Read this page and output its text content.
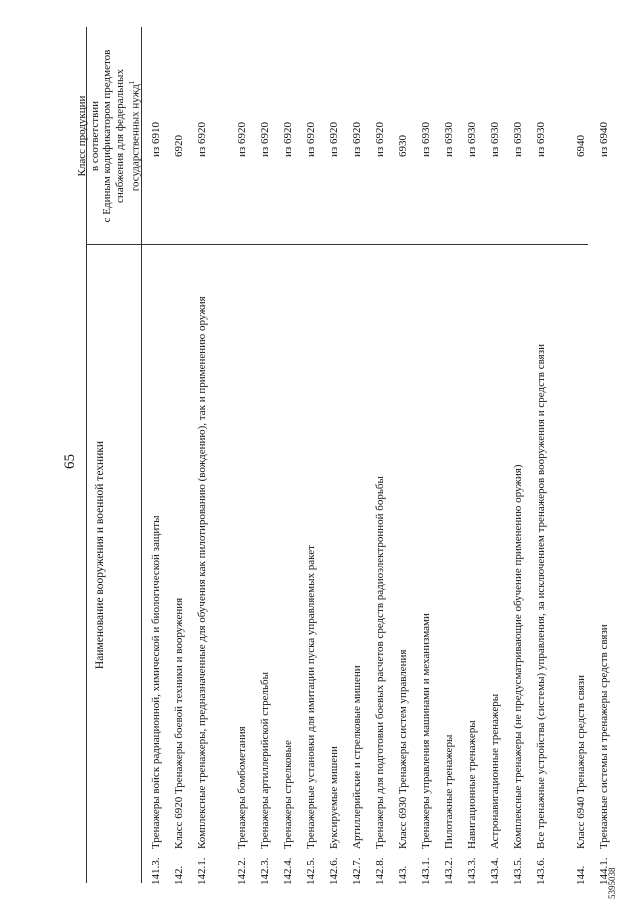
65
5395038
Наименование вооружения и военной техники
Класс продукции в соответствии с Единым кодификатором предметов снабжения для федеральных государственных нужд$^1$
141.3.
Тренажеры войск радиационной, химической и биологической защиты
из 6910
142.
Класс 6920 Тренажеры боевой техники и вооружения
6920
142.1.
Комплексные тренажеры, предназначенные для обучения как пилотированию (вождению), так и применению оружия
из 6920
142.2.
Тренажеры бомбометания
из 6920
142.3.
Тренажеры артиллерийской стрельбы
из 6920
142.4.
Тренажеры стрелковые
из 6920
142.5.
Тренажерные установки для имитации пуска управляемых ракет
из 6920
142.6.
Буксируемые мишени
из 6920
142.7.
Артиллерийские и стрелковые мишени
из 6920
142.8.
Тренажеры для подготовки боевых расчетов средств радиоэлектронной борьбы
из 6920
143.
Класс 6930 Тренажеры систем управления
6930
143.1.
Тренажеры управления машинами и механизмами
из 6930
143.2.
Пилотажные тренажеры
из 6930
143.3.
Навигационные тренажеры
из 6930
143.4.
Астронавигационные тренажеры
из 6930
143.5.
Комплексные тренажеры (не предусматривающие обучение применению оружия)
из 6930
143.6.
Все тренажные устройства (системы) управления, за исключением тренажеров вооружения и средств связи
из 6930
144.
Класс 6940 Тренажеры средств связи
6940
144.1.
Тренажные системы и тренажеры средств связи
из 6940
